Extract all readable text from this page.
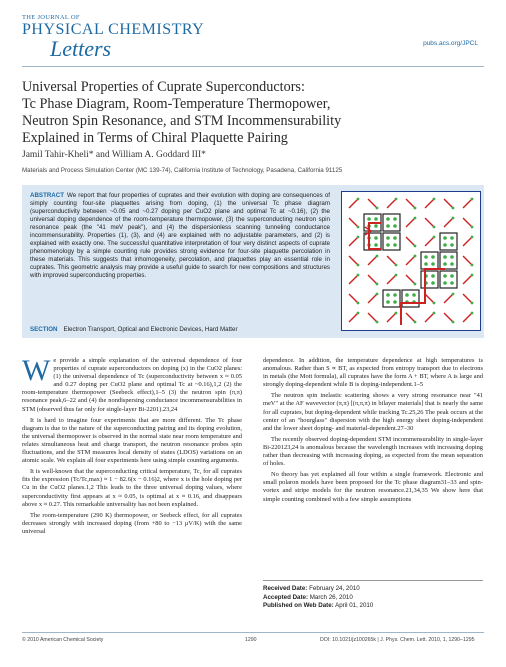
THE JOURNAL OF
PHYSICAL CHEMISTRY
Letters	pubs.acs.org/JPCL
Universal Properties of Cuprate Superconductors:
Tc Phase Diagram, Room-Temperature Thermopower,
Neutron Spin Resonance, and STM Incommensurability
Explained in Terms of Chiral Plaquette Pairing
Jamil Tahir-Kheli* and William A. Goddard III*
Materials and Process Simulation Center (MC 139-74), California Institute of Technology, Pasadena, California 91125
ABSTRACT We report that four properties of cuprates and their evolution with doping are consequences of simply counting four-site plaquettes arising from doping, (1) the universal Tc phase diagram (superconductivity between ~0.05 and ~0.27 doping per CuO2 plane and optimal Tc at ~0.16), (2) the universal doping dependence of the room-temperature thermopower, (3) the superconducting neutron spin resonance peak (the "41 meV peak"), and (4) the dispersionless scanning tunneling conductance incommensurability. Properties (1), (3), and (4) are explained with no adjustable parameters, and (2) is explained with exactly one. The successful quantitative interpretation of four very distinct aspects of cuprate phenomenology by a simple counting rule provides strong evidence for four-site plaquette percolation in these materials. This suggests that inhomogeneity, percolation, and plaquettes play an essential role in cuprates. This geometric analysis may provide a useful guide to search for new compositions and structures with improved superconducting properties.
SECTION Electron Transport, Optical and Electronic Devices, Hard Matter

We provide a simple explanation of the universal dependence of four properties of cuprate superconductors on doping (x) in the CuO2 planes: (1) the universal dependence of Tc (superconductivity between x ≈ 0.05 and 0.27 doping per CuO2 plane and optimal Tc at ~0.16),1,2 (2) the room-temperature thermopower (Seebeck effect),1–5 (3) the neutron spin (π,π) resonance peak,6–22 and (4) the nondispersing conductance incommensurabilities in STM (observed thus far only for single-layer Bi-2201).23,24

It is hard to imagine four experiments that are more different. The Tc phase diagram is due to the nature of the superconducting pairing and its doping evolution, the universal thermopower is observed in the normal state near room temperature and relates simultaneous heat and charge transport, the neutron resonance probes spin fluctuations, and the STM measures local density of states (LDOS) variations on an atomic scale. We explain all four experiments here using simple counting arguments.

It is well-known that the superconducting critical temperature, Tc, for all cuprates fits the expression (Tc/Tc,max) ≈ 1 − 82.6(x − 0.16)2, where x is the hole doping per Cu in the CuO2 planes.1,2 This leads to the three universal doping values, where superconductivity first appears at x ≈ 0.05, is optimal at x ≈ 0.16, and disappears above x ≈ 0.27. This remarkable universality has not been explained.

The room-temperature (290 K) thermopower, or Seebeck effect, for all cuprates decreases strongly with increased doping (from +80 to −13 μV/K) with the same universal

dependence. In addition, the temperature dependence at high temperatures is anomalous. Rather than S ∝ BT, as expected from entropy transport due to electrons in metals (the Mott formula), all cuprates have the form A + BT, where A is large and strongly doping-dependent while B is doping-independent.1–5

The neutron spin inelastic scattering shows a very strong resonance near "41 meV" at the AF wavevector (π,π) [(π,π,π) in bilayer materials] that is nearly the same for all cuprates, but doping-dependent while tracking Tc.25,26 The peak occurs at the center of an "hourglass" dispersion with the high energy sheet doping-independent and the lower sheet doping- and material-dependent.27–30

The recently observed doping-dependent STM incommensurability in single-layer Bi-220123,24 is anomalous because the wavelength increases with increasing doping rather than decreasing with increasing doping, as expected from the mean separation of holes.

No theory has yet explained all four within a single framework. Electronic and small polaron models have been proposed for the Tc phase diagram31–33 and spin-vortex and stripe models for the neutron resonance.21,34,35 We show here that simple counting combined with a few simple assumptions

Received Date: February 24, 2010
Accepted Date: March 26, 2010
Published on Web Date: April 01, 2010
© 2010 American Chemical Society	1290	DOI: 10.1021/jz100265k | J. Phys. Chem. Lett. 2010, 1, 1290–1295
